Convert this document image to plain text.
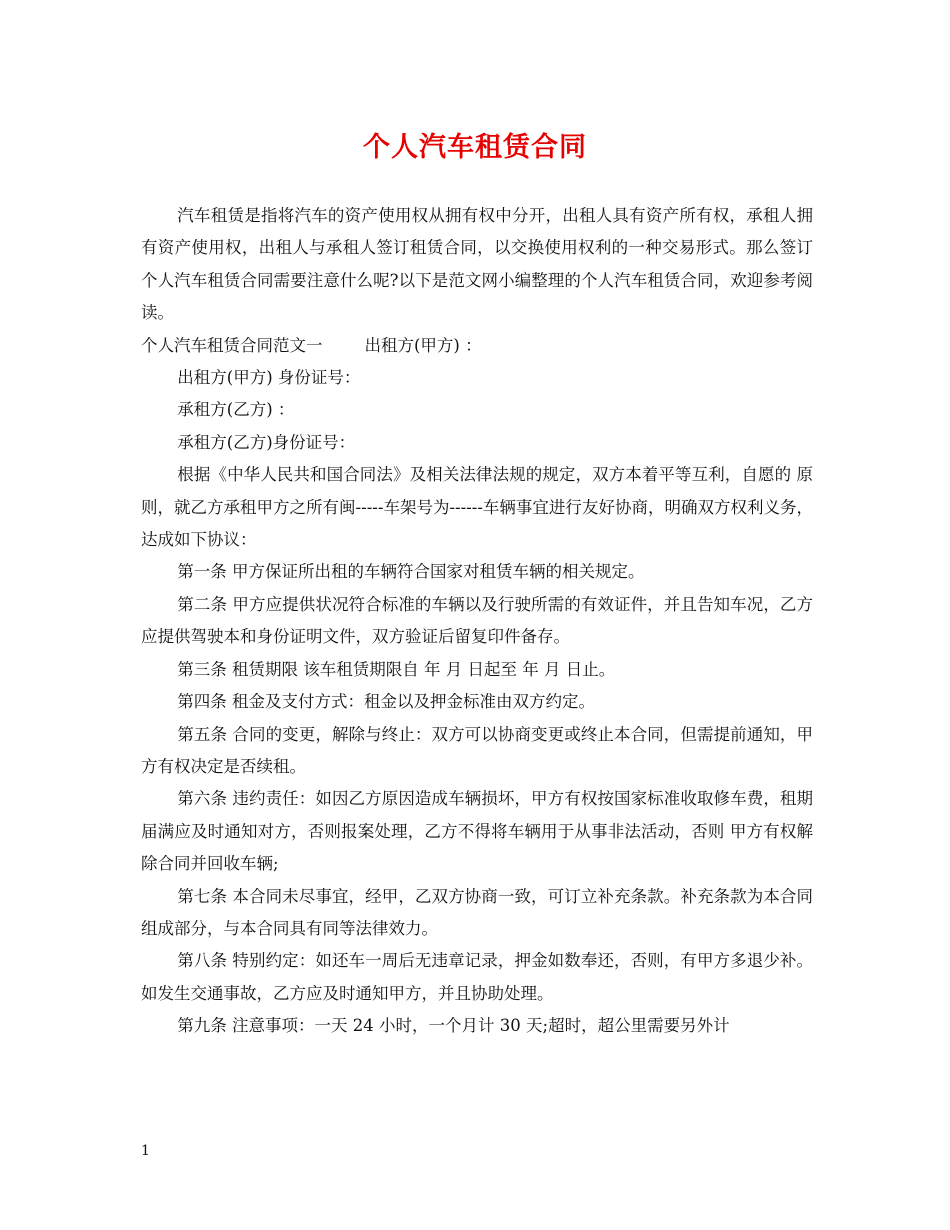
个人汽车租赁合同

汽车租赁是指将汽车的资产使用权从拥有权中分开，出租人具有资产所有权，承租人拥有资产使用权，出租人与承租人签订租赁合同，以交换使用权利的一种交易形式。那么签订个人汽车租赁合同需要注意什么呢?以下是范文网小编整理的个人汽车租赁合同，欢迎参考阅读。

个人汽车租赁合同范文一        出租方(甲方) ：

出租方(甲方) 身份证号：

承租方(乙方) ：

承租方(乙方)身份证号：

根据《中华人民共和国合同法》及相关法律法规的规定，双方本着平等互利，自愿的 原则，就乙方承租甲方之所有闽-----车架号为------车辆事宜进行友好协商，明确双方权利义务，达成如下协议：

第一条 甲方保证所出租的车辆符合国家对租赁车辆的相关规定。

第二条 甲方应提供状况符合标准的车辆以及行驶所需的有效证件，并且告知车况，乙方 应提供驾驶本和身份证明文件，双方验证后留复印件备存。

第三条 租赁期限 该车租赁期限自 年 月 日起至 年 月 日止。

第四条 租金及支付方式：租金以及押金标准由双方约定。

第五条 合同的变更，解除与终止：双方可以协商变更或终止本合同，但需提前通知，甲 方有权决定是否续租。

第六条 违约责任：如因乙方原因造成车辆损坏，甲方有权按国家标准收取修车费，租期 届满应及时通知对方，否则报案处理，乙方不得将车辆用于从事非法活动，否则 甲方有权解除合同并回收车辆;

第七条 本合同未尽事宜，经甲，乙双方协商一致，可订立补充条款。补充条款为本合同 组成部分，与本合同具有同等法律效力。

第八条 特别约定：如还车一周后无违章记录，押金如数奉还，否则，有甲方多退少补。 如发生交通事故，乙方应及时通知甲方，并且协助处理。

第九条 注意事项：一天 24 小时，一个月计 30 天;超时，超公里需要另外计

1
